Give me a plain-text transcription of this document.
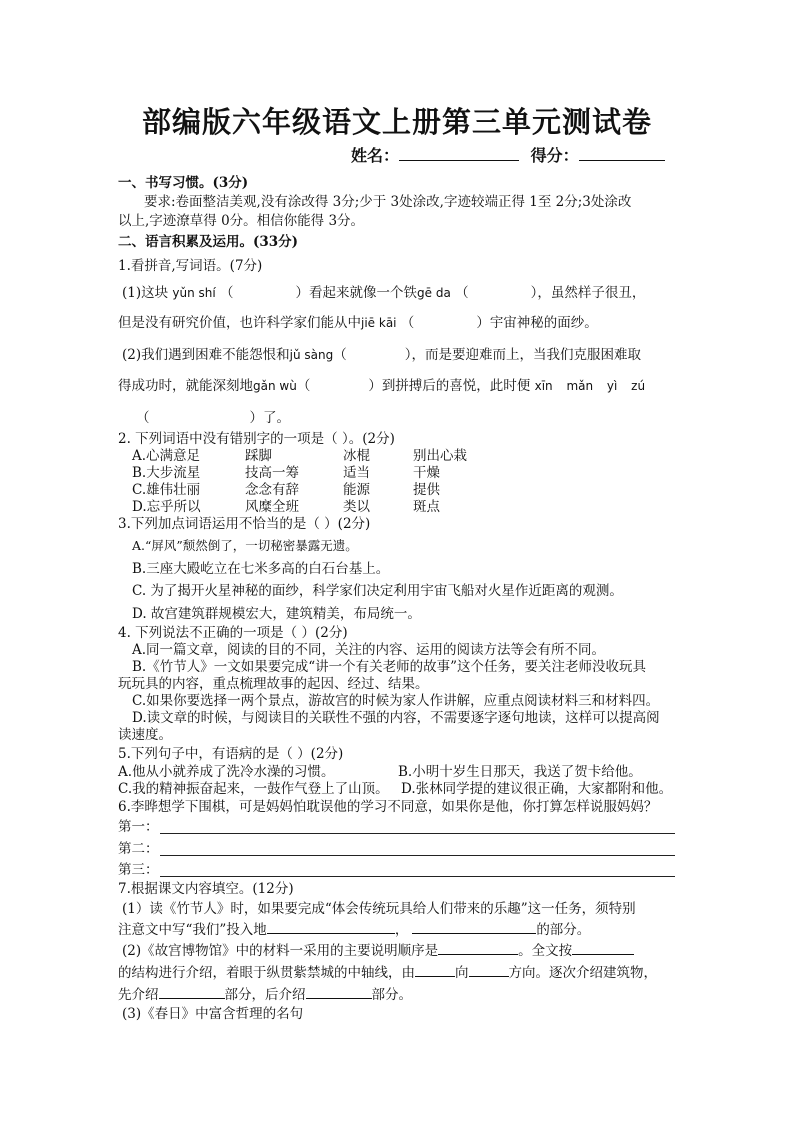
部编版六年级语文上册第三单元测试卷
姓名：	得分：
一、书写习惯。(3分)
要求:卷面整洁美观,没有涂改得 3分;少于 3处涂改,字迹较端正得 1至 2分;3处涂改
以上,字迹潦草得 0分。相信你能得 3分。
二、语言积累及运用。(33分)
1.看拼音,写词语。(7分)
(1)这块 yǔn shí （	）看起来就像一个铁gē da （	），虽然样子很丑，
但是没有研究价值，也许科学家们能从中jiē kāi （	）宇宙神秘的面纱。
(2)我们遇到困难不能怨恨和jǔ sàng（	），而是要迎难而上，当我们克服困难取
得成功时，就能深刻地gǎn wù（	）到拼搏后的喜悦，此时便 xīn mǎn yì zú
（	）了。
2. 下列词语中没有错别字的一项是（ ）。(2分)
A.心满意足	踩脚	冰棍	别出心栽
B.大步流星	技高一筹	适当	干燥
C.雄伟壮丽	念念有辞	能源	提供
D.忘乎所以	风糜全班	类以	斑点
3.下列加点词语运用不恰当的是（ ）(2分)
A.“屏风”颓然倒了，一切秘密暴露无遗。
B.三座大殿屹立在七米多高的白石台基上。
C. 为了揭开火星神秘的面纱，科学家们决定利用宇宙飞船对火星作近距离的观测。
D. 故宫建筑群规模宏大，建筑精美，布局统一。
4. 下列说法不正确的一项是（ ）(2分)
A.同一篇文章，阅读的目的不同，关注的内容、运用的阅读方法等会有所不同。
B.《竹节人》一文如果要完成“讲一个有关老师的故事”这个任务，要关注老师没收玩具
玩玩具的内容，重点梳理故事的起因、经过、结果。
C.如果你要选择一两个景点，游故宫的时候为家人作讲解，应重点阅读材料三和材料四。
D.读文章的时候，与阅读目的关联性不强的内容，不需要逐字逐句地读，这样可以提高阅
读速度。
5.下列句子中，有语病的是（ ）(2分)
A.他从小就养成了洗冷水澡的习惯。	B.小明十岁生日那天，我送了贺卡给他。
C.我的精神振奋起来，一鼓作气登上了山顶。 D.张林同学提的建议很正确，大家都附和他。
6.李晔想学下围棋，可是妈妈怕耽误他的学习不同意，如果你是他，你打算怎样说服妈妈？
第一：
第二：
第三：
7.根据课文内容填空。(12分)
(1）读《竹节人》时，如果要完成“体会传统玩具给人们带来的乐趣”这一任务，须特别
注意文中写“我们”投入地	，	的部分。
(2)《故宫博物馆》中的材料一采用的主要说明顺序是	。全文按
的结构进行介绍，着眼于纵贯紫禁城的中轴线，由	向	方向。逐次介绍建筑物，
先介绍	部分，后介绍	部分。
(3)《春日》中富含哲理的名句
